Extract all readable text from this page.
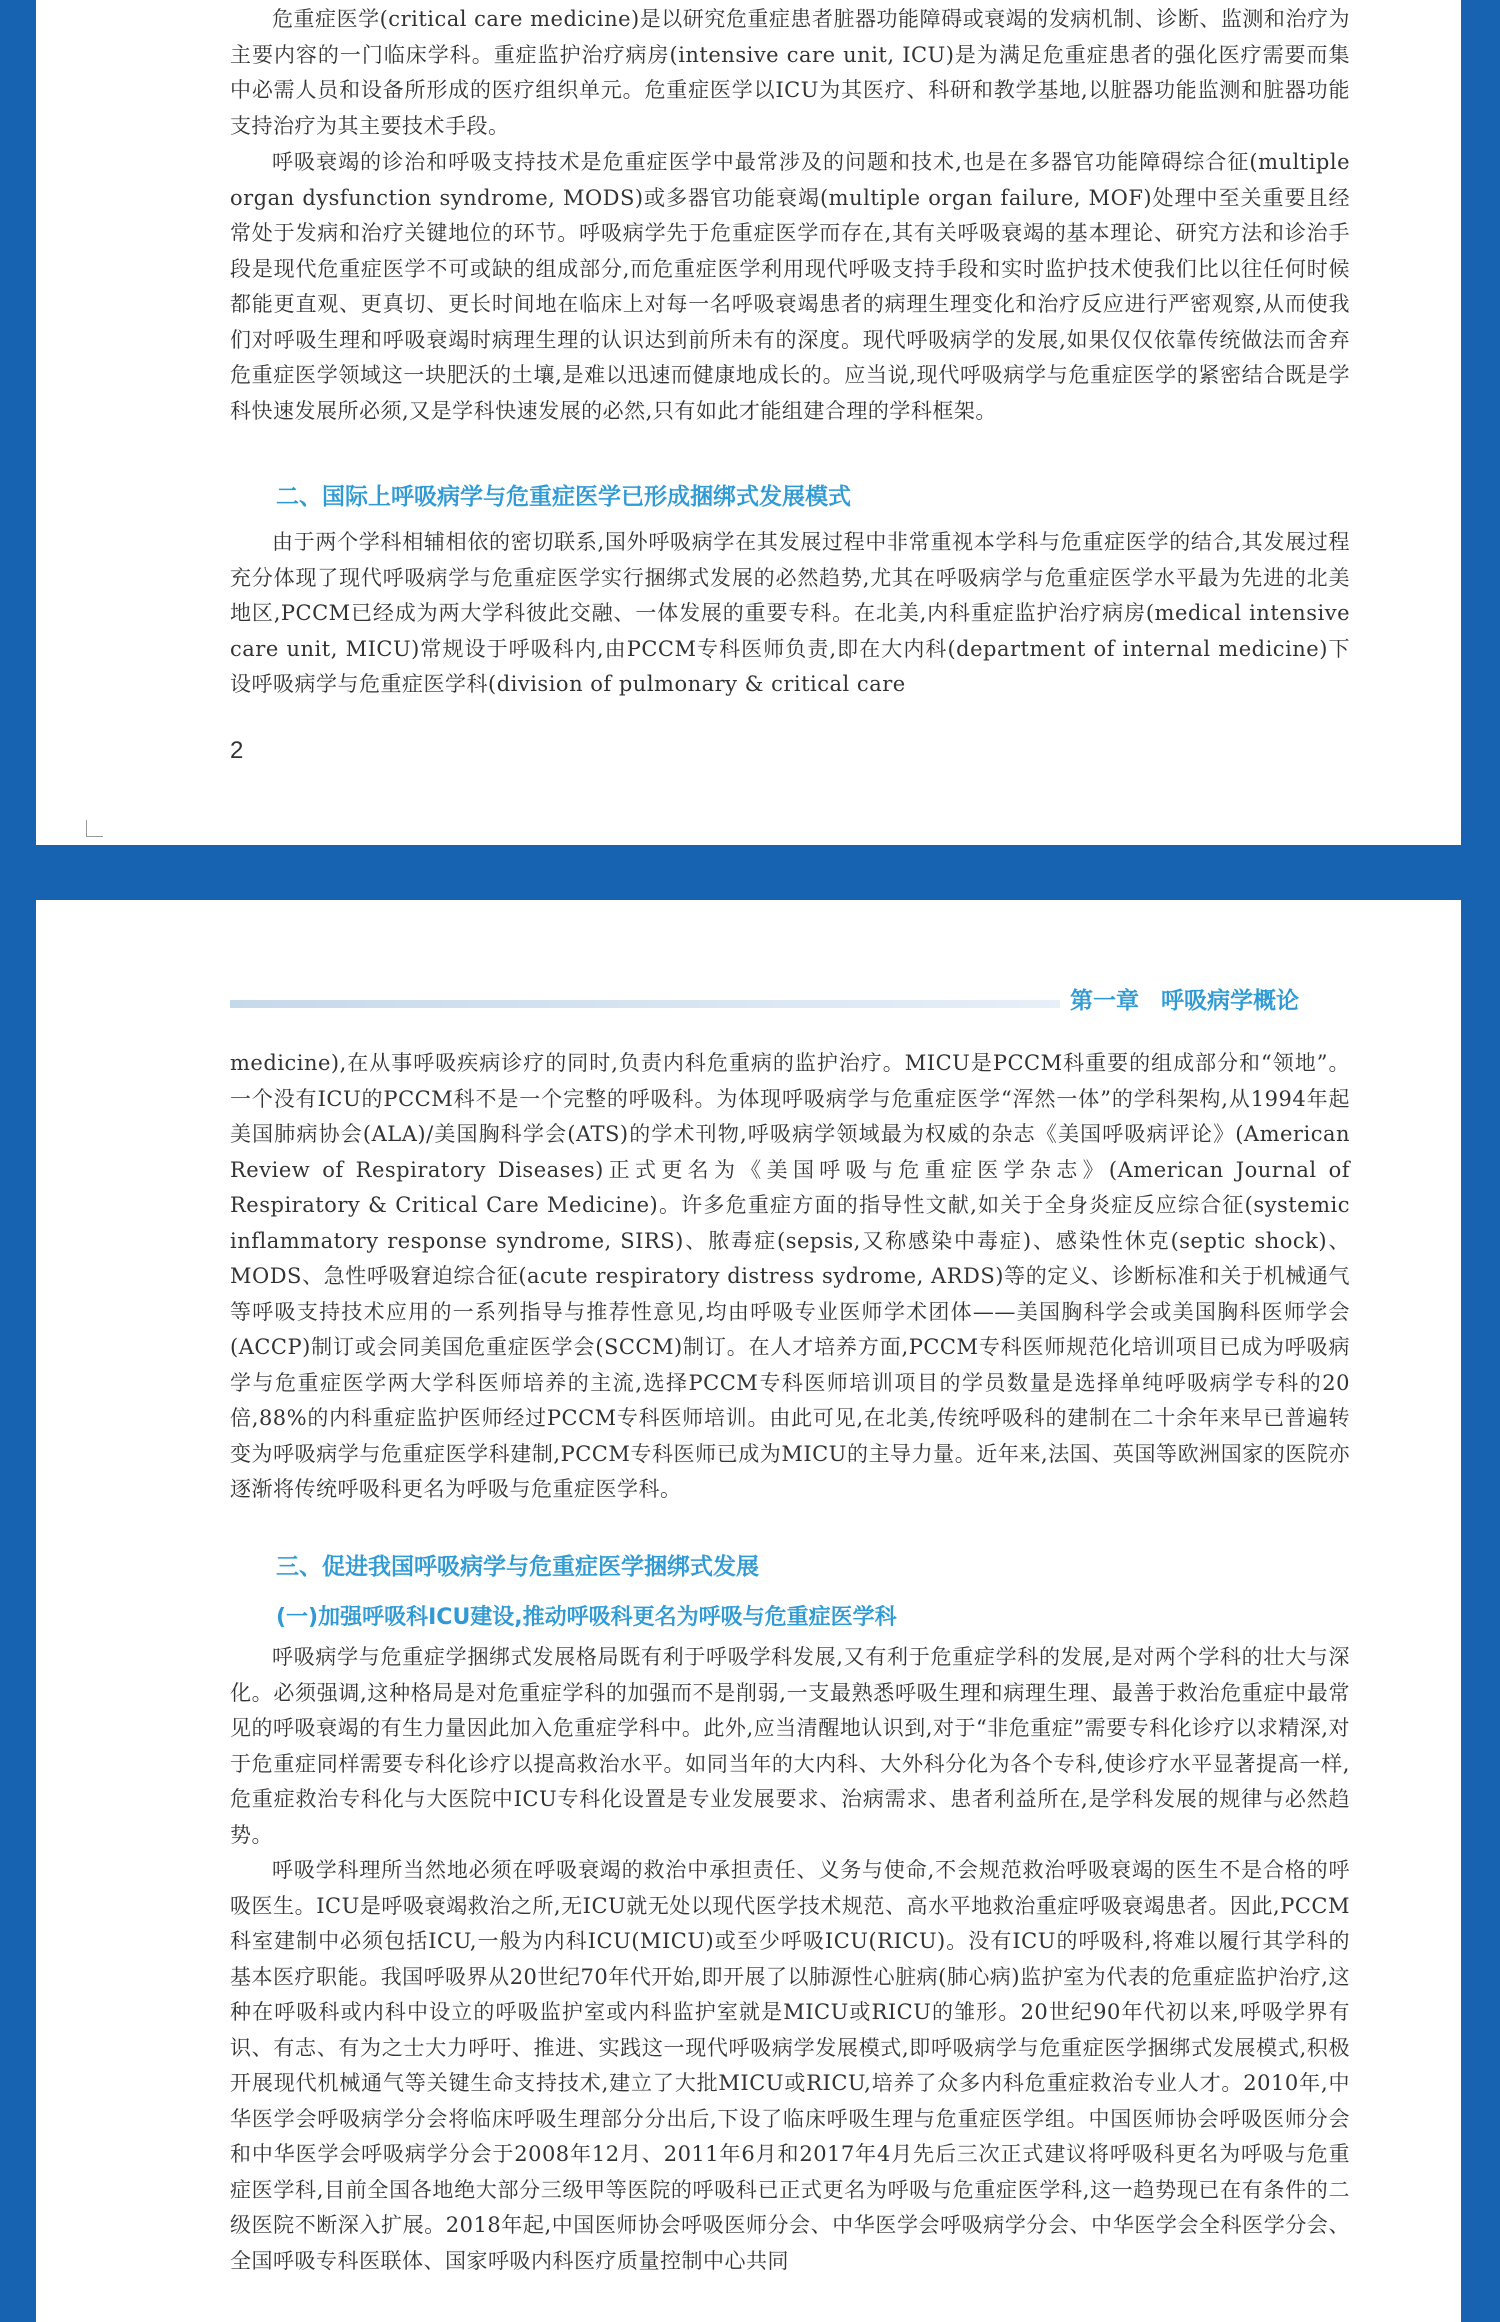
危重症医学(critical care medicine)是以研究危重症患者脏器功能障碍或衰竭的发病机制、诊断、监测和治疗为主要内容的一门临床学科。重症监护治疗病房(intensive care unit, ICU)是为满足危重症患者的强化医疗需要而集中必需人员和设备所形成的医疗组织单元。危重症医学以ICU为其医疗、科研和教学基地,以脏器功能监测和脏器功能支持治疗为其主要技术手段。

呼吸衰竭的诊治和呼吸支持技术是危重症医学中最常涉及的问题和技术,也是在多器官功能障碍综合征(multiple organ dysfunction syndrome, MODS)或多器官功能衰竭(multiple organ failure, MOF)处理中至关重要且经常处于发病和治疗关键地位的环节。呼吸病学先于危重症医学而存在,其有关呼吸衰竭的基本理论、研究方法和诊治手段是现代危重症医学不可或缺的组成部分,而危重症医学利用现代呼吸支持手段和实时监护技术使我们比以往任何时候都能更直观、更真切、更长时间地在临床上对每一名呼吸衰竭患者的病理生理变化和治疗反应进行严密观察,从而使我们对呼吸生理和呼吸衰竭时病理生理的认识达到前所未有的深度。现代呼吸病学的发展,如果仅仅依靠传统做法而舍弃危重症医学领域这一块肥沃的土壤,是难以迅速而健康地成长的。应当说,现代呼吸病学与危重症医学的紧密结合既是学科快速发展所必须,又是学科快速发展的必然,只有如此才能组建合理的学科框架。

二、国际上呼吸病学与危重症医学已形成捆绑式发展模式

由于两个学科相辅相依的密切联系,国外呼吸病学在其发展过程中非常重视本学科与危重症医学的结合,其发展过程充分体现了现代呼吸病学与危重症医学实行捆绑式发展的必然趋势,尤其在呼吸病学与危重症医学水平最为先进的北美地区,PCCM已经成为两大学科彼此交融、一体发展的重要专科。在北美,内科重症监护治疗病房(medical intensive care unit, MICU)常规设于呼吸科内,由PCCM专科医师负责,即在大内科(department of internal medicine)下设呼吸病学与危重症医学科(division of pulmonary & critical care

2
第一章 呼吸病学概论

medicine),在从事呼吸疾病诊疗的同时,负责内科危重病的监护治疗。MICU是PCCM科重要的组成部分和“领地”。一个没有ICU的PCCM科不是一个完整的呼吸科。为体现呼吸病学与危重症医学“浑然一体”的学科架构,从1994年起美国肺病协会(ALA)/美国胸科学会(ATS)的学术刊物,呼吸病学领域最为权威的杂志《美国呼吸病评论》(American Review of Respiratory Diseases)正式更名为《美国呼吸与危重症医学杂志》(American Journal of Respiratory & Critical Care Medicine)。许多危重症方面的指导性文献,如关于全身炎症反应综合征(systemic inflammatory response syndrome, SIRS)、脓毒症(sepsis,又称感染中毒症)、感染性休克(septic shock)、MODS、急性呼吸窘迫综合征(acute respiratory distress sydrome, ARDS)等的定义、诊断标准和关于机械通气等呼吸支持技术应用的一系列指导与推荐性意见,均由呼吸专业医师学术团体——美国胸科学会或美国胸科医师学会(ACCP)制订或会同美国危重症医学会(SCCM)制订。在人才培养方面,PCCM专科医师规范化培训项目已成为呼吸病学与危重症医学两大学科医师培养的主流,选择PCCM专科医师培训项目的学员数量是选择单纯呼吸病学专科的20倍,88%的内科重症监护医师经过PCCM专科医师培训。由此可见,在北美,传统呼吸科的建制在二十余年来早已普遍转变为呼吸病学与危重症医学科建制,PCCM专科医师已成为MICU的主导力量。近年来,法国、英国等欧洲国家的医院亦逐渐将传统呼吸科更名为呼吸与危重症医学科。

三、促进我国呼吸病学与危重症医学捆绑式发展
(一)加强呼吸科ICU建设,推动呼吸科更名为呼吸与危重症医学科

呼吸病学与危重症学捆绑式发展格局既有利于呼吸学科发展,又有利于危重症学科的发展,是对两个学科的壮大与深化。必须强调,这种格局是对危重症学科的加强而不是削弱,一支最熟悉呼吸生理和病理生理、最善于救治危重症中最常见的呼吸衰竭的有生力量因此加入危重症学科中。此外,应当清醒地认识到,对于“非危重症”需要专科化诊疗以求精深,对于危重症同样需要专科化诊疗以提高救治水平。如同当年的大内科、大外科分化为各个专科,使诊疗水平显著提高一样,危重症救治专科化与大医院中ICU专科化设置是专业发展要求、治病需求、患者利益所在,是学科发展的规律与必然趋势。

呼吸学科理所当然地必须在呼吸衰竭的救治中承担责任、义务与使命,不会规范救治呼吸衰竭的医生不是合格的呼吸医生。ICU是呼吸衰竭救治之所,无ICU就无处以现代医学技术规范、高水平地救治重症呼吸衰竭患者。因此,PCCM科室建制中必须包括ICU,一般为内科ICU(MICU)或至少呼吸ICU(RICU)。没有ICU的呼吸科,将难以履行其学科的基本医疗职能。我国呼吸界从20世纪70年代开始,即开展了以肺源性心脏病(肺心病)监护室为代表的危重症监护治疗,这种在呼吸科或内科中设立的呼吸监护室或内科监护室就是MICU或RICU的雏形。20世纪90年代初以来,呼吸学界有识、有志、有为之士大力呼吁、推进、实践这一现代呼吸病学发展模式,即呼吸病学与危重症医学捆绑式发展模式,积极开展现代机械通气等关键生命支持技术,建立了大批MICU或RICU,培养了众多内科危重症救治专业人才。2010年,中华医学会呼吸病学分会将临床呼吸生理部分分出后,下设了临床呼吸生理与危重症医学组。中国医师协会呼吸医师分会和中华医学会呼吸病学分会于2008年12月、2011年6月和2017年4月先后三次正式建议将呼吸科更名为呼吸与危重症医学科,目前全国各地绝大部分三级甲等医院的呼吸科已正式更名为呼吸与危重症医学科,这一趋势现已在有条件的二级医院不断深入扩展。2018年起,中国医师协会呼吸医师分会、中华医学会呼吸病学分会、中华医学会全科医学分会、全国呼吸专科医联体、国家呼吸内科医疗质量控制中心共同
